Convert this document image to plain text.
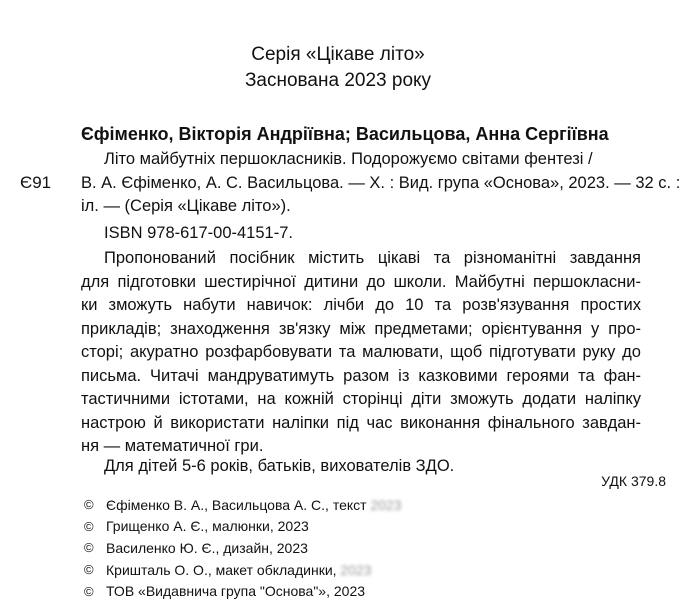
Серія «Цікаве літо»
Заснована 2023 року
Єфіменко, Вікторія Андріївна; Васильцова, Анна Сергіївна
Є91
Літо майбутніх першокласників. Подорожуємо світами фентезі /
В. А. Єфіменко, А. С. Васильцова. — Х. : Вид. група «Основа», 2023. — 32 с. :
іл. — (Серія «Цікаве літо»).
ISBN 978-617-00-4151-7.
Пропонований посібник містить цікаві та різноманітні завдання
для підготовки шестирічної дитини до школи. Майбутні першокласни-
ки зможуть набути навичок: лічби до 10 та розв'язування простих
прикладів; знаходження зв'язку між предметами; орієнтування у про-
сторі; акуратно розфарбовувати та малювати, щоб підготувати руку до
письма. Читачі мандруватимуть разом із казковими героями та фан-
тастичними істотами, на кожній сторінці діти зможуть додати наліпку
настрою й використати наліпки під час виконання фінального завдан-
ня — математичної гри.
Для дітей 5-6 років, батьків, вихователів ЗДО.
УДК 379.8
© Єфіменко В. А., Васильцова А. С., текст
2023
© Грищенко А. Є., малюнки, 2023
© Василенко Ю. Є., дизайн, 2023
© Кришталь О. О., макет обкладинки,
2023
© ТОВ «Видавнича група "Основа"», 2023
